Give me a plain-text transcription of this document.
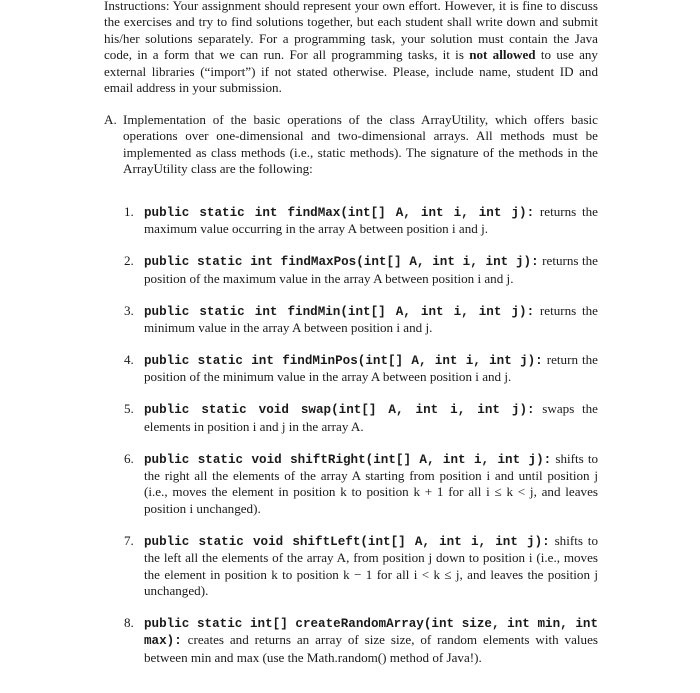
Instructions: Your assignment should represent your own effort. However, it is fine to discuss the exercises and try to find solutions together, but each student shall write down and submit his/her solutions separately. For a programming task, your solution must contain the Java code, in a form that we can run. For all programming tasks, it is not allowed to use any external libraries (“import”) if not stated otherwise. Please, include name, student ID and email address in your submission.

A. Implementation of the basic operations of the class ArrayUtility, which offers basic operations over one-dimensional and two-dimensional arrays. All methods must be implemented as class methods (i.e., static methods). The signature of the methods in the ArrayUtility class are the following:
1. public static int findMax(int[] A, int i, int j): returns the maximum value occurring in the array A between position i and j.
2. public static int findMaxPos(int[] A, int i, int j): returns the position of the maximum value in the array A between position i and j.
3. public static int findMin(int[] A, int i, int j): returns the minimum value in the array A between position i and j.
4. public static int findMinPos(int[] A, int i, int j): return the position of the minimum value in the array A between position i and j.
5. public static void swap(int[] A, int i, int j): swaps the elements in position i and j in the array A.
6. public static void shiftRight(int[] A, int i, int j): shifts to the right all the elements of the array A starting from position i and until position j (i.e., moves the element in position k to position k + 1 for all i ≤ k < j, and leaves position i unchanged).
7. public static void shiftLeft(int[] A, int i, int j): shifts to the left all the elements of the array A, from position j down to position i (i.e., moves the element in position k to position k − 1 for all i < k ≤ j, and leaves the position j unchanged).
8. public static int[] createRandomArray(int size, int min, int max): creates and returns an array of size size, of random elements with values between min and max (use the Math.random() method of Java!).
